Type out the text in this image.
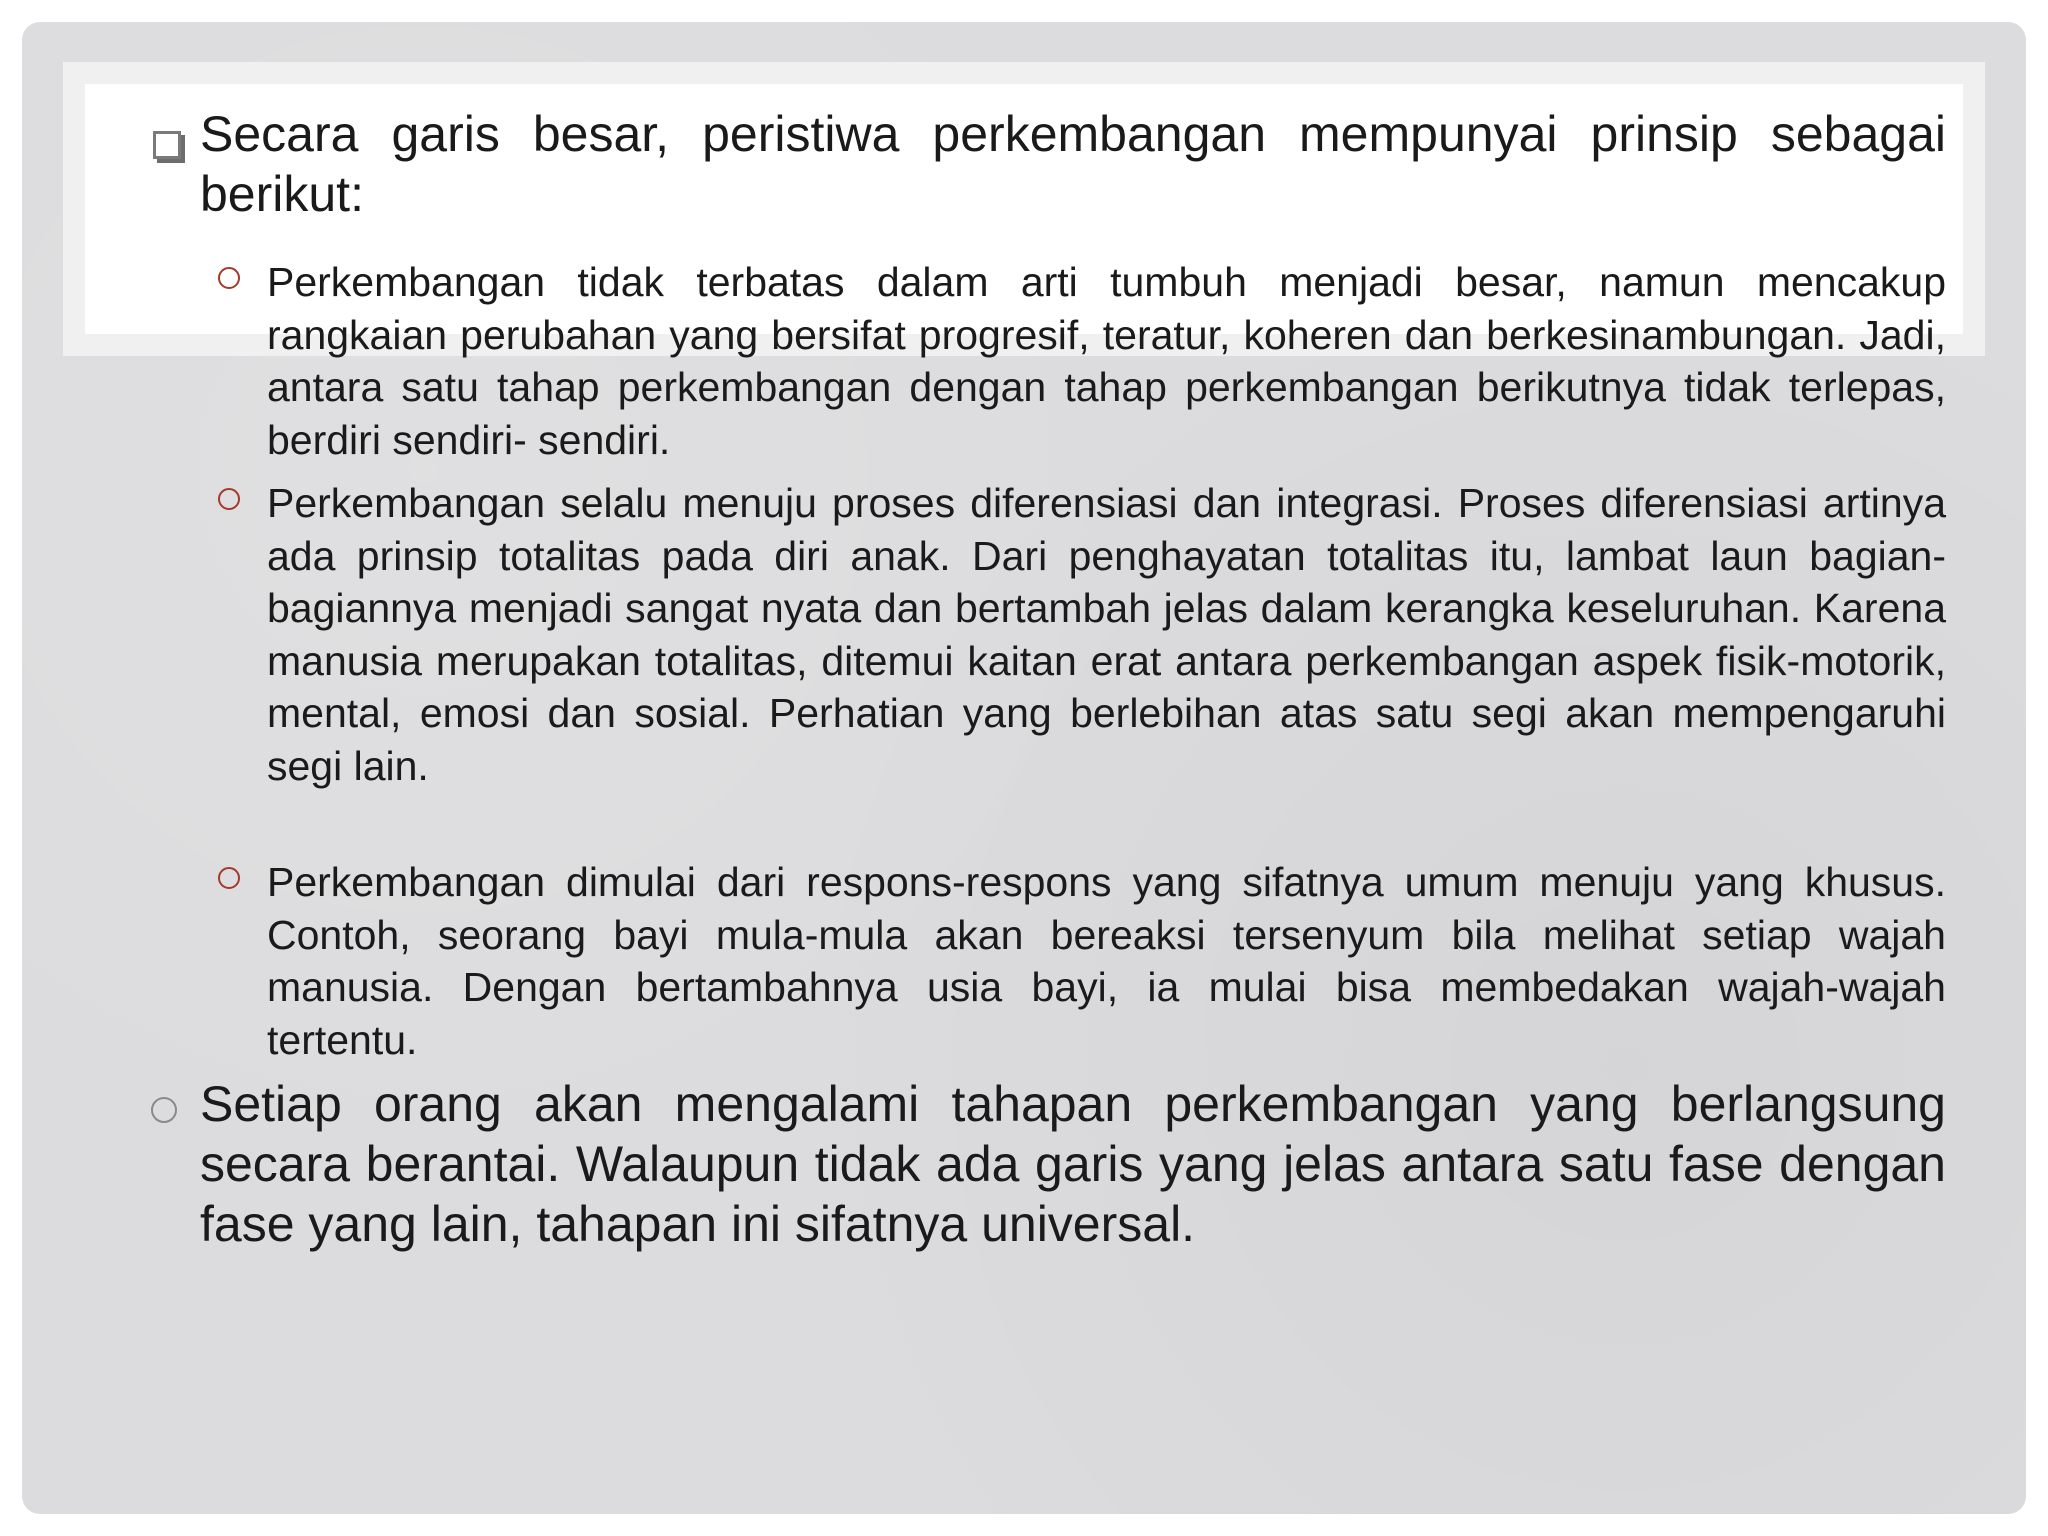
Secara garis besar, peristiwa perkembangan mempunyai prinsip sebagai berikut:

Perkembangan tidak terbatas dalam arti tumbuh menjadi besar, namun mencakup rangkaian perubahan yang bersifat progresif, teratur, koheren dan berkesinambungan. Jadi, antara satu tahap perkembangan dengan tahap perkembangan berikutnya tidak terlepas, berdiri sendiri- sendiri.

Perkembangan selalu menuju proses diferensiasi dan integrasi. Proses diferensiasi artinya ada prinsip totalitas pada diri anak. Dari penghayatan totalitas itu, lambat laun bagian-bagiannya menjadi sangat nyata dan bertambah jelas dalam kerangka keseluruhan. Karena manusia merupakan totalitas, ditemui kaitan erat antara perkembangan aspek fisik-motorik, mental, emosi dan sosial. Perhatian yang berlebihan atas satu segi akan mempengaruhi segi lain.

Perkembangan dimulai dari respons-respons yang sifatnya umum menuju yang khusus. Contoh, seorang bayi mula-mula akan bereaksi tersenyum bila melihat setiap wajah manusia. Dengan bertambahnya usia bayi, ia mulai bisa membedakan wajah-wajah tertentu.

Setiap orang akan mengalami tahapan perkembangan yang berlangsung secara berantai. Walaupun tidak ada garis yang jelas antara satu fase dengan fase yang lain, tahapan ini sifatnya universal.
